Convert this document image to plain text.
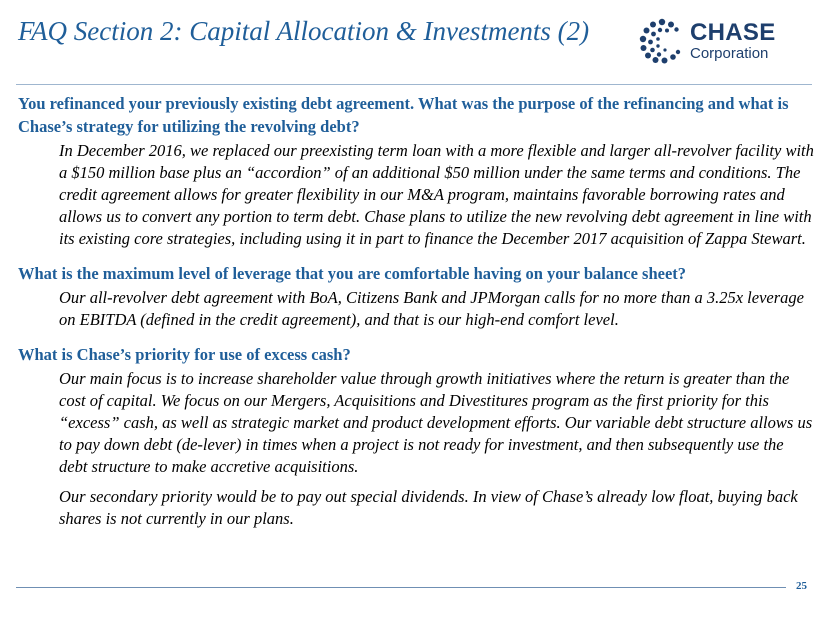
FAQ Section 2: Capital Allocation & Investments (2)	CHASE
Corporation

You refinanced your previously existing debt agreement. What was the purpose of the refinancing and what is Chase’s strategy for utilizing the revolving debt?

In December 2016, we replaced our preexisting term loan with a more flexible and larger all-revolver facility with a $150 million base plus an “accordion” of an additional $50 million under the same terms and conditions. The credit agreement allows for greater flexibility in our M&A program, maintains favorable borrowing rates and allows us to convert any portion to term debt. Chase plans to utilize the new revolving debt agreement in line with its existing core strategies, including using it in part to finance the December 2017 acquisition of Zappa Stewart.

What is the maximum level of leverage that you are comfortable having on your balance sheet?

Our all-revolver debt agreement with BoA, Citizens Bank and JPMorgan calls for no more than a 3.25x leverage on EBITDA (defined in the credit agreement), and that is our high-end comfort level.

What is Chase’s priority for use of excess cash?

Our main focus is to increase shareholder value through growth initiatives where the return is greater than the cost of capital. We focus on our Mergers, Acquisitions and Divestitures program as the first priority for this “excess” cash, as well as strategic market and product development efforts. Our variable debt structure allows us to pay down debt (de-lever) in times when a project is not ready for investment, and then subsequently use the debt structure to make accretive acquisitions.

Our secondary priority would be to pay out special dividends. In view of Chase’s already low float, buying back shares is not currently in our plans.

25
